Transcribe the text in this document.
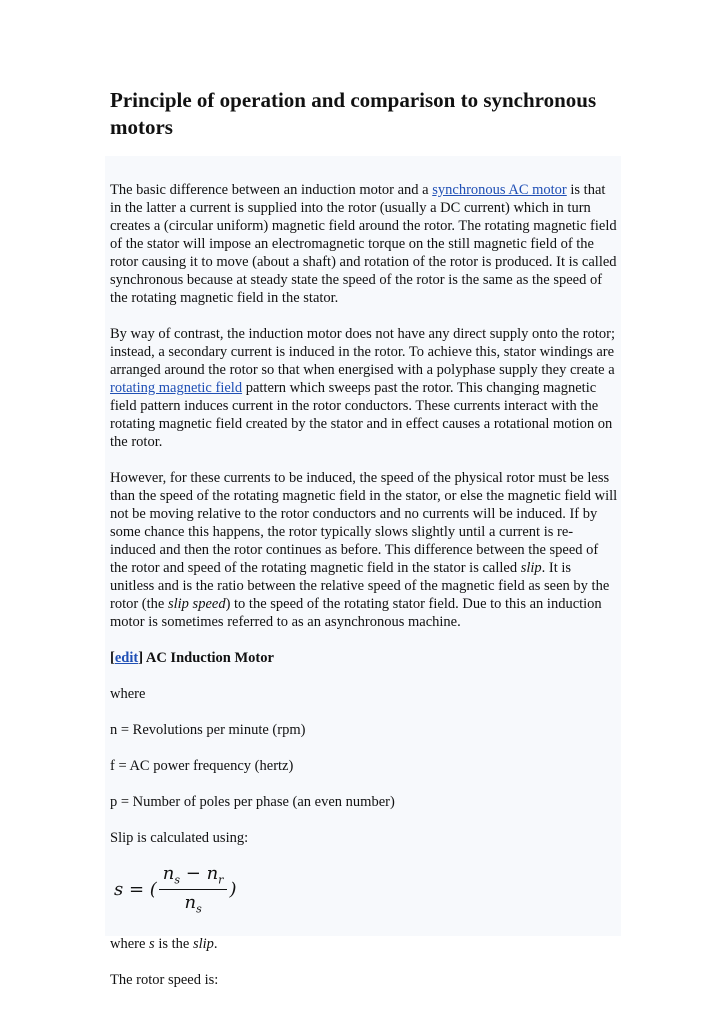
Principle of operation and comparison to synchronous motors

The basic difference between an induction motor and a synchronous AC motor is that in the latter a current is supplied into the rotor (usually a DC current) which in turn creates a (circular uniform) magnetic field around the rotor. The rotating magnetic field of the stator will impose an electromagnetic torque on the still magnetic field of the rotor causing it to move (about a shaft) and rotation of the rotor is produced. It is called synchronous because at steady state the speed of the rotor is the same as the speed of the rotating magnetic field in the stator.

By way of contrast, the induction motor does not have any direct supply onto the rotor; instead, a secondary current is induced in the rotor. To achieve this, stator windings are arranged around the rotor so that when energised with a polyphase supply they create a rotating magnetic field pattern which sweeps past the rotor. This changing magnetic field pattern induces current in the rotor conductors. These currents interact with the rotating magnetic field created by the stator and in effect causes a rotational motion on the rotor.

However, for these currents to be induced, the speed of the physical rotor must be less than the speed of the rotating magnetic field in the stator, or else the magnetic field will not be moving relative to the rotor conductors and no currents will be induced. If by some chance this happens, the rotor typically slows slightly until a current is re-induced and then the rotor continues as before. This difference between the speed of the rotor and speed of the rotating magnetic field in the stator is called slip. It is unitless and is the ratio between the relative speed of the magnetic field as seen by the rotor (the slip speed) to the speed of the rotating stator field. Due to this an induction motor is sometimes referred to as an asynchronous machine.

[edit] AC Induction Motor

where

n = Revolutions per minute (rpm)

f = AC power frequency (hertz)

p = Number of poles per phase (an even number)

Slip is calculated using:

s = ( $\frac{n_s - n_r}{n_s}$ )

where s is the slip.

The rotor speed is:
